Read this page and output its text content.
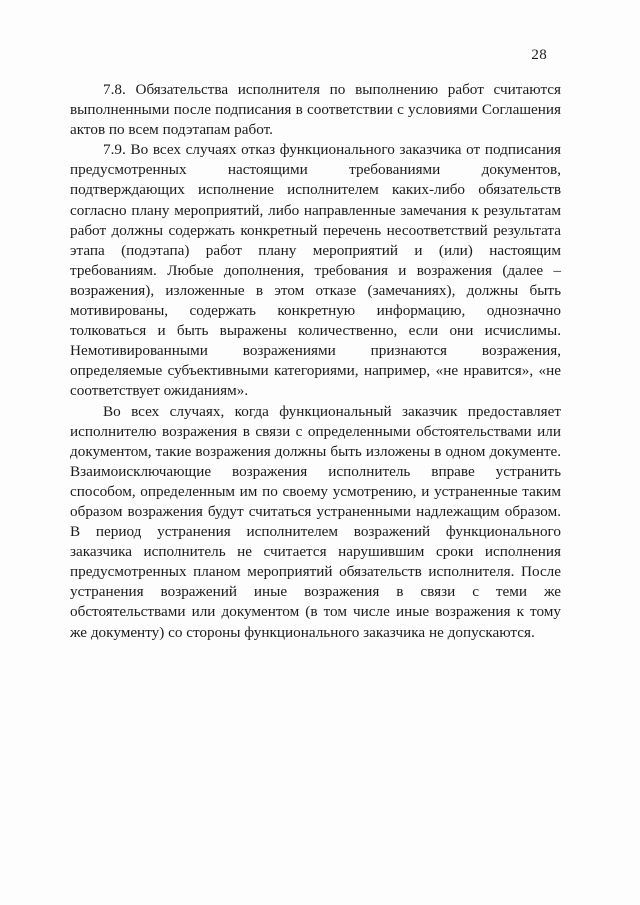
28

7.8. Обязательства исполнителя по выполнению работ считаются выполненными после подписания в соответствии с условиями Соглашения актов по всем подэтапам работ.

7.9. Во всех случаях отказ функционального заказчика от подписания предусмотренных настоящими требованиями документов, подтверждающих исполнение исполнителем каких-либо обязательств согласно плану мероприятий, либо направленные замечания к результатам работ должны содержать конкретный перечень несоответствий результата этапа (подэтапа) работ плану мероприятий и (или) настоящим требованиям. Любые дополнения, требования и возражения (далее – возражения), изложенные в этом отказе (замечаниях), должны быть мотивированы, содержать конкретную информацию, однозначно толковаться и быть выражены количественно, если они исчислимы. Немотивированными возражениями признаются возражения, определяемые субъективными категориями, например, «не нравится», «не соответствует ожиданиям».

Во всех случаях, когда функциональный заказчик предоставляет исполнителю возражения в связи с определенными обстоятельствами или документом, такие возражения должны быть изложены в одном документе. Взаимоисключающие возражения исполнитель вправе устранить способом, определенным им по своему усмотрению, и устраненные таким образом возражения будут считаться устраненными надлежащим образом. В период устранения исполнителем возражений функционального заказчика исполнитель не считается нарушившим сроки исполнения предусмотренных планом мероприятий обязательств исполнителя. После устранения возражений иные возражения в связи с теми же обстоятельствами или документом (в том числе иные возражения к тому же документу) со стороны функционального заказчика не допускаются.
